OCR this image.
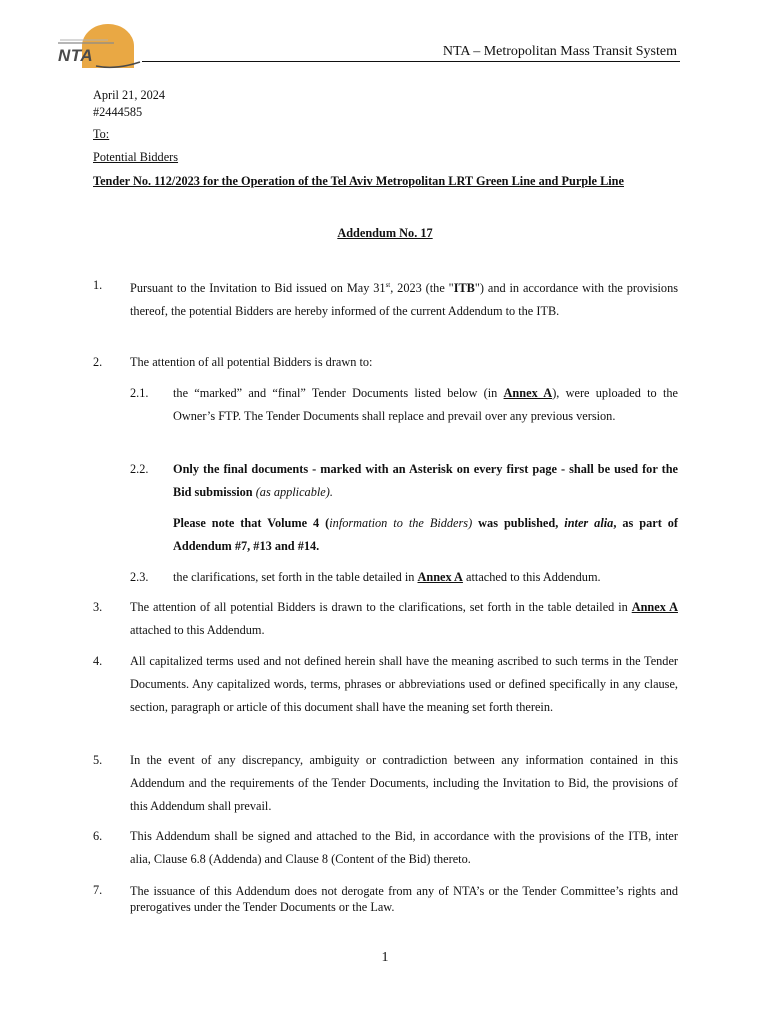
NTA	NTA – Metropolitan Mass Transit System
April 21, 2024
#2444585
To:
Potential Bidders
Tender No. 112/2023 for the Operation of the Tel Aviv Metropolitan LRT Green Line and Purple Line
Addendum No. 17
1. Pursuant to the Invitation to Bid issued on May 31st, 2023 (the "ITB") and in accordance with the provisions thereof, the potential Bidders are hereby informed of the current Addendum to the ITB.
2. The attention of all potential Bidders is drawn to:
2.1. the “marked” and “final” Tender Documents listed below (in Annex A), were uploaded to the Owner’s FTP. The Tender Documents shall replace and prevail over any previous version.
2.2. Only the final documents - marked with an Asterisk on every first page - shall be used for the Bid submission (as applicable).
Please note that Volume 4 (information to the Bidders) was published, inter alia, as part of Addendum #7, #13 and #14.
2.3. the clarifications, set forth in the table detailed in Annex A attached to this Addendum.
3. The attention of all potential Bidders is drawn to the clarifications, set forth in the table detailed in Annex A attached to this Addendum.
4. All capitalized terms used and not defined herein shall have the meaning ascribed to such terms in the Tender Documents. Any capitalized words, terms, phrases or abbreviations used or defined specifically in any clause, section, paragraph or article of this document shall have the meaning set forth therein.
5. In the event of any discrepancy, ambiguity or contradiction between any information contained in this Addendum and the requirements of the Tender Documents, including the Invitation to Bid, the provisions of this Addendum shall prevail.
6. This Addendum shall be signed and attached to the Bid, in accordance with the provisions of the ITB, inter alia, Clause 6.8 (Addenda) and Clause 8 (Content of the Bid) thereto.
7. The issuance of this Addendum does not derogate from any of NTA’s or the Tender Committee’s rights and prerogatives under the Tender Documents or the Law.
1
